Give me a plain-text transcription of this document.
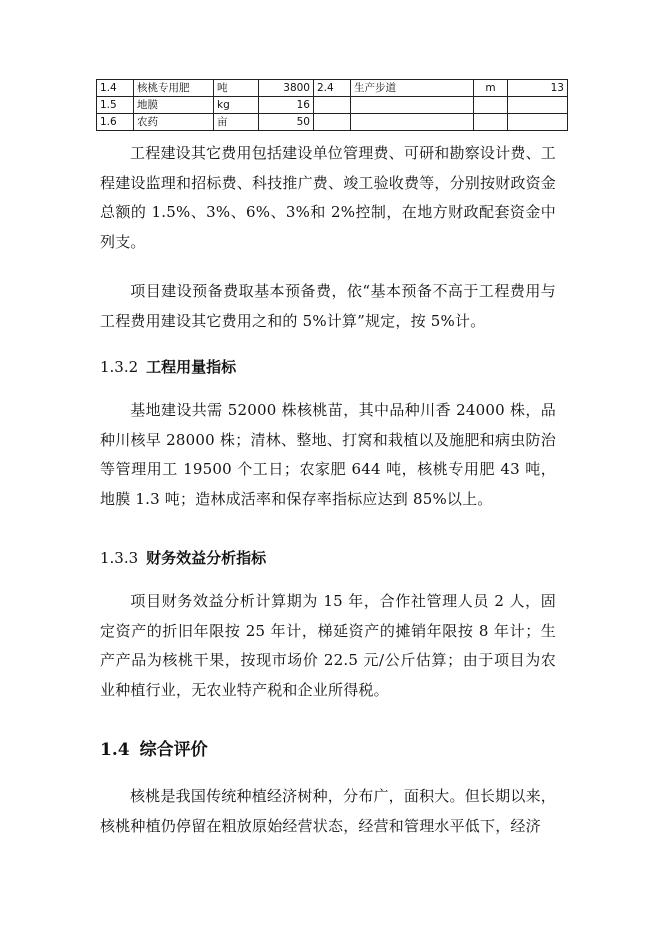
1.4	核桃专用肥	吨	3800	2.4	生产步道	m	13
1.5	地膜	kg	16				
1.6	农药	亩	50				

工程建设其它费用包括建设单位管理费、可研和勘察设计费、工程建设监理和招标费、科技推广费、竣工验收费等，分别按财政资金总额的 1.5%、3%、6%、3%和 2%控制，在地方财政配套资金中列支。

项目建设预备费取基本预备费，依“基本预备不高于工程费用与工程费用建设其它费用之和的 5%计算”规定，按 5%计。

1.3.2 工程用量指标

基地建设共需 52000 株核桃苗，其中品种川香 24000 株，品种川核早 28000 株；清林、整地、打窝和栽植以及施肥和病虫防治等管理用工 19500 个工日；农家肥 644 吨，核桃专用肥 43 吨，地膜 1.3 吨；造林成活率和保存率指标应达到 85%以上。

1.3.3 财务效益分析指标

项目财务效益分析计算期为 15 年，合作社管理人员 2 人，固定资产的折旧年限按 25 年计，梯延资产的摊销年限按 8 年计；生产产品为核桃干果，按现市场价 22.5 元/公斤估算；由于项目为农业种植行业，无农业特产税和企业所得税。

1.4 综合评价

核桃是我国传统种植经济树种，分布广，面积大。但长期以来，核桃种植仍停留在粗放原始经营状态，经营和管理水平低下，经济
